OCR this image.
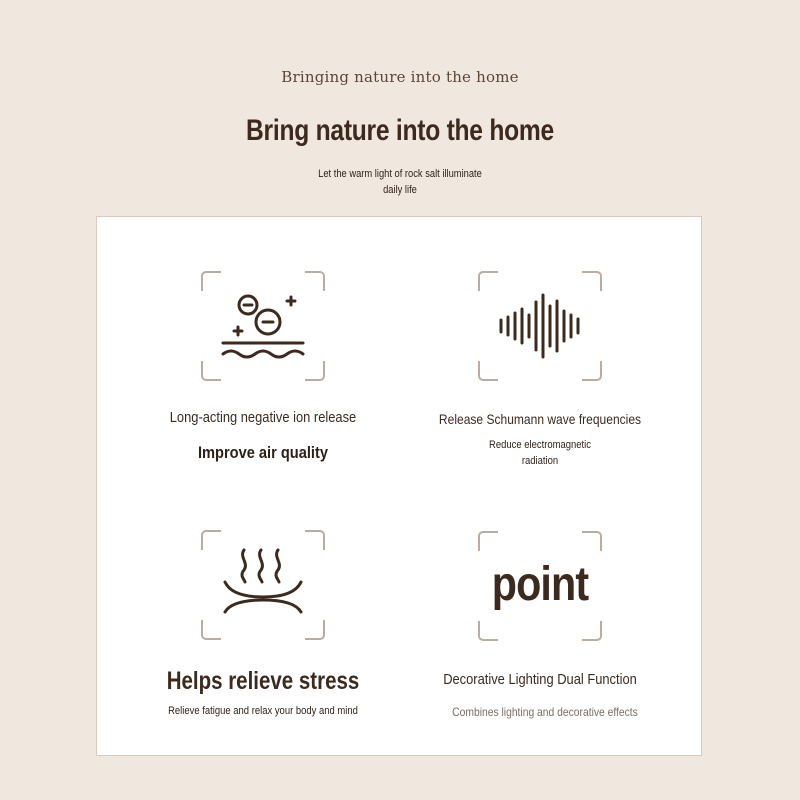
Bringing nature into the home
Bring nature into the home
Let the warm light of rock salt illuminate daily life
Long-acting negative ion release
Improve air quality
Release Schumann wave frequencies
Reduce electromagnetic radiation
Helps relieve stress
Relieve fatigue and relax your body and mind
point
Decorative Lighting Dual Function
Combines lighting and decorative effects
